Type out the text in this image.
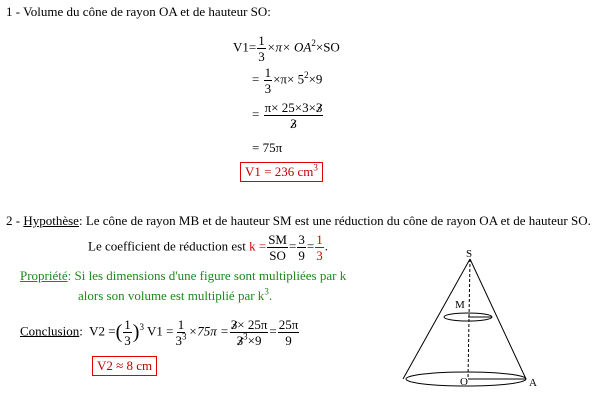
1 - Volume du cône de rayon OA et de hauteur SO:
$V1= \frac{1}{3} \times\pi\times OA^2\times SO$
= $\frac{1}{3} \times\pi\times 5^2\times 9$
= $\frac{\pi\times 25\times 3\times 3}{3}$
= 75π
V1 = 236 $cm^3$
2 - Hypothèse: Le cône de rayon MB et de hauteur SM est une réduction du cône de rayon OA et de hauteur SO.
Le coefficient de réduction est $k = \frac{SM}{SO} = \frac{3}{9} = \frac{1}{3}$ .
Propriété: Si les dimensions d'une figure sont multipliées par k
alors son volume est multiplié par $k^3$.
Conclusion: V2 =( $\frac{1}{3} )^3$ $V1 = \frac{1}{3^3} \times 75\pi = \frac{3\times 25\pi}{3^3\times 9} = \frac{25\pi}{9}$
V2 ≈ 8 cm
S
M
O	A
